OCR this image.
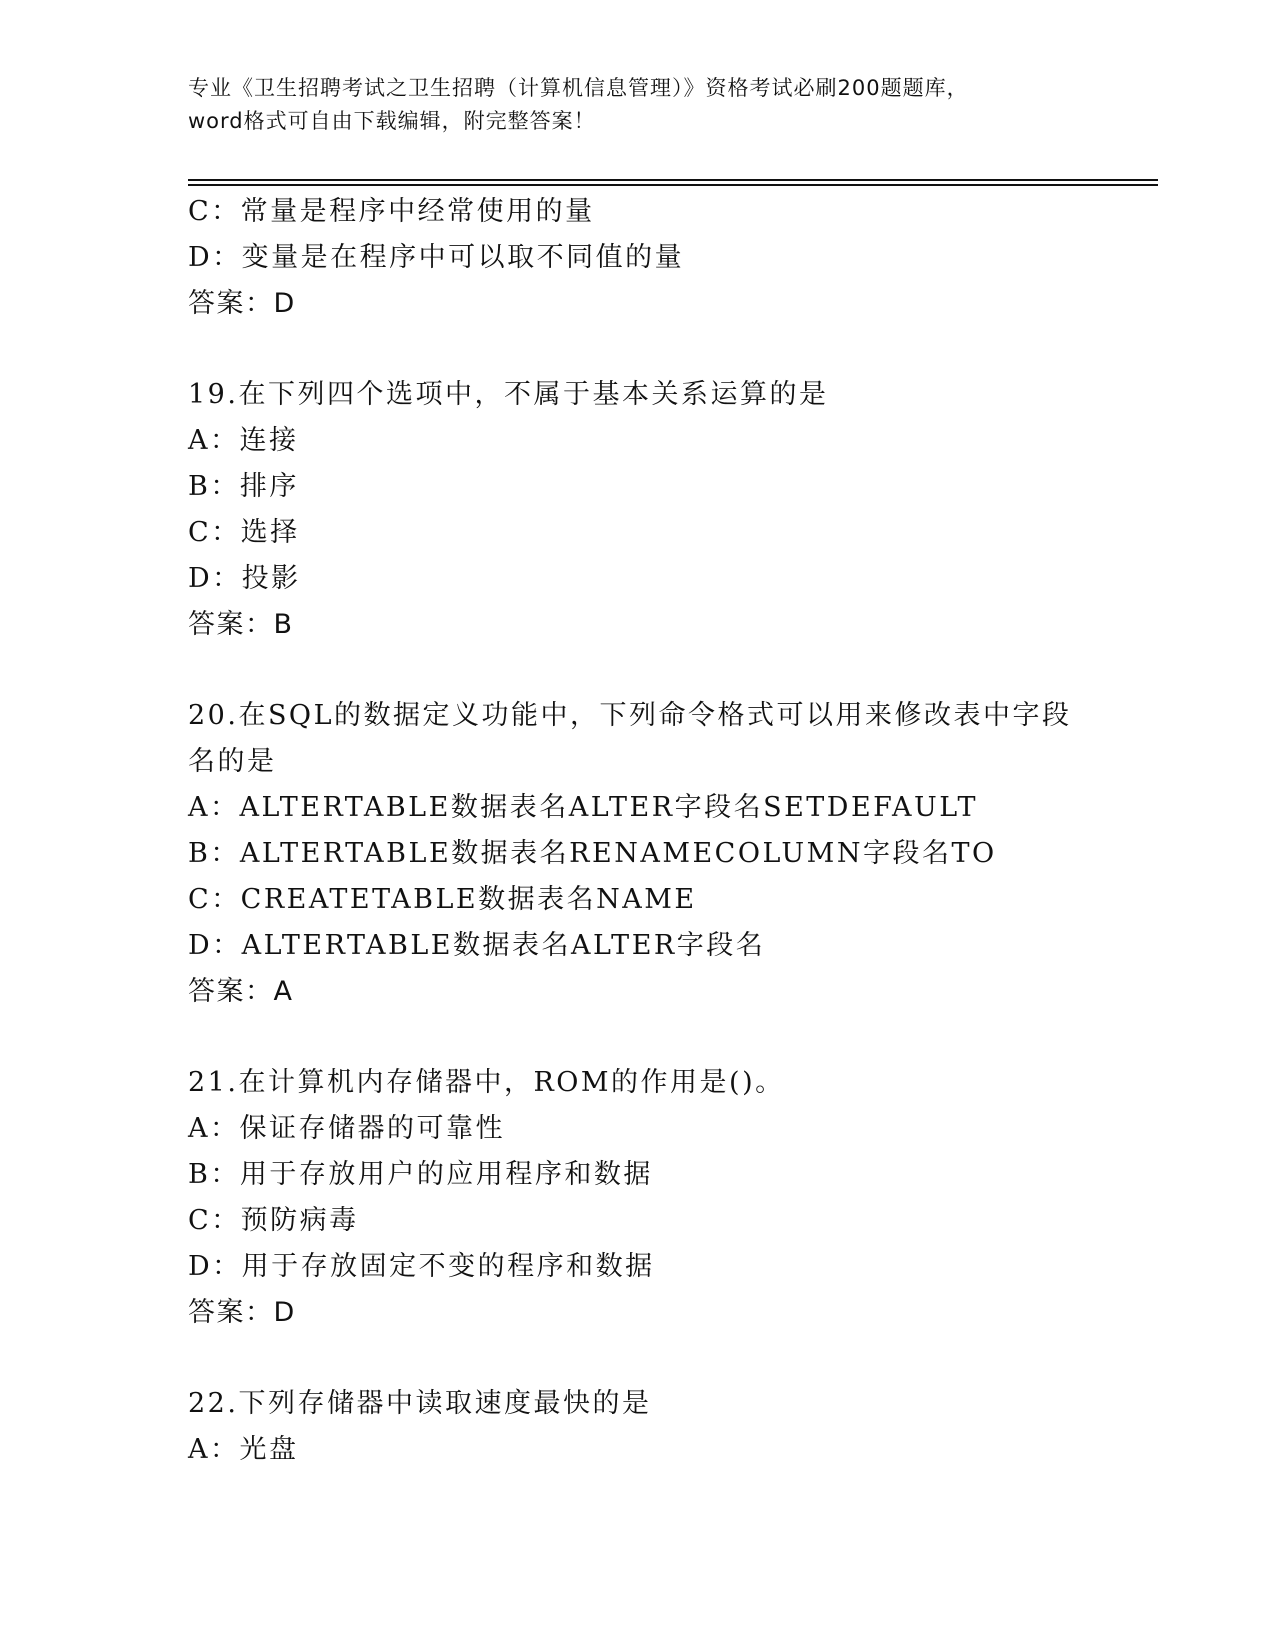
专业《卫生招聘考试之卫生招聘（计算机信息管理）》资格考试必刷200题题库，
word格式可自由下载编辑，附完整答案！
C：常量是程序中经常使用的量
D：变量是在程序中可以取不同值的量
答案：D
19.在下列四个选项中，不属于基本关系运算的是
A：连接
B：排序
C：选择
D：投影
答案：B
20.在SQL的数据定义功能中，下列命令格式可以用来修改表中字段名的是
A：ALTERTABLE数据表名ALTER字段名SETDEFAULT
B：ALTERTABLE数据表名RENAMECOLUMN字段名TO
C：CREATETABLE数据表名NAME
D：ALTERTABLE数据表名ALTER字段名
答案：A
21.在计算机内存储器中，ROM的作用是()。
A：保证存储器的可靠性
B：用于存放用户的应用程序和数据
C：预防病毒
D：用于存放固定不变的程序和数据
答案：D
22.下列存储器中读取速度最快的是
A：光盘
